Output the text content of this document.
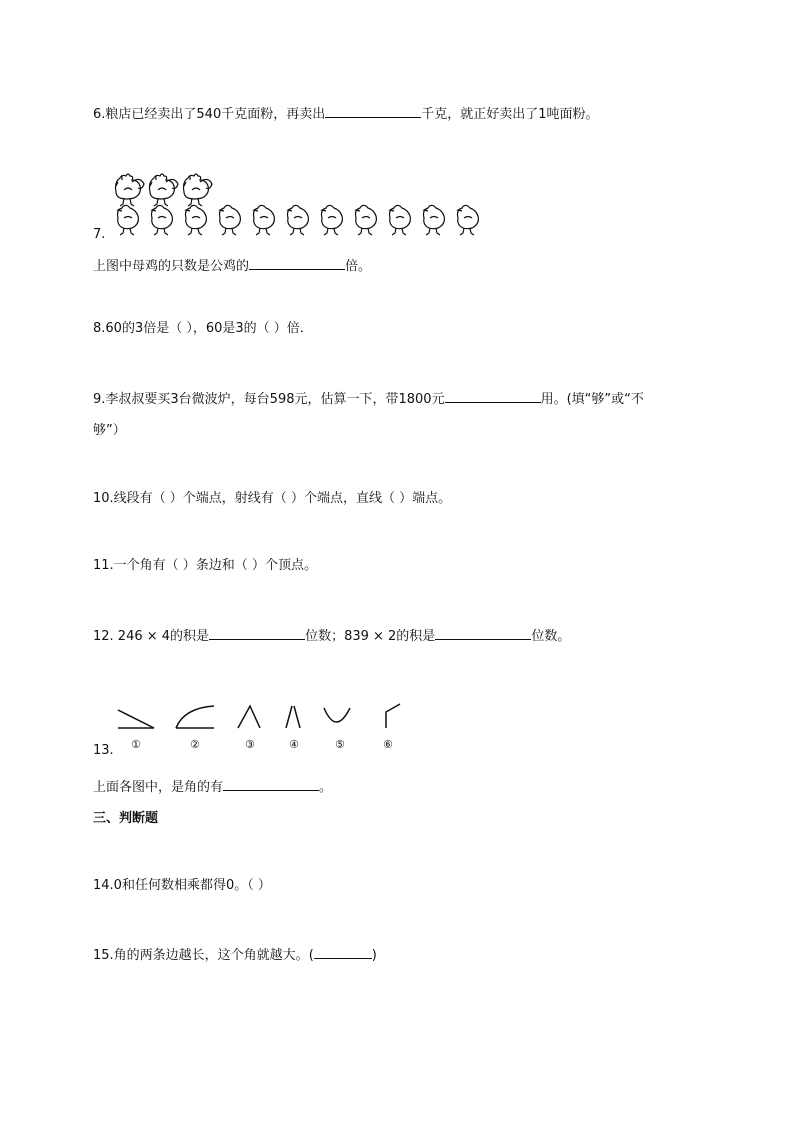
6.粮店已经卖出了540千克面粉，再卖出	千克，就正好卖出了1吨面粉。
7.
上图中母鸡的只数是公鸡的	倍。
8.60的3倍是（ ），60是3的（ ）倍．
9.李叔叔要买3台微波炉，每台598元，估算一下，带1800元	用。(填“够”或“不
够”）
10.线段有（ ）个端点，射线有（ ）个端点，直线（ ）端点。
11.一个角有（ ）条边和（ ）个顶点。
12. 246 × 4的积是	位数；839 × 2的积是	位数。
①	②	③	④	⑤	⑥
13.
上面各图中，是角的有	。
三、判断题
14.0和任何数相乘都得0。（ ）
15.角的两条边越长，这个角就越大。(	)
